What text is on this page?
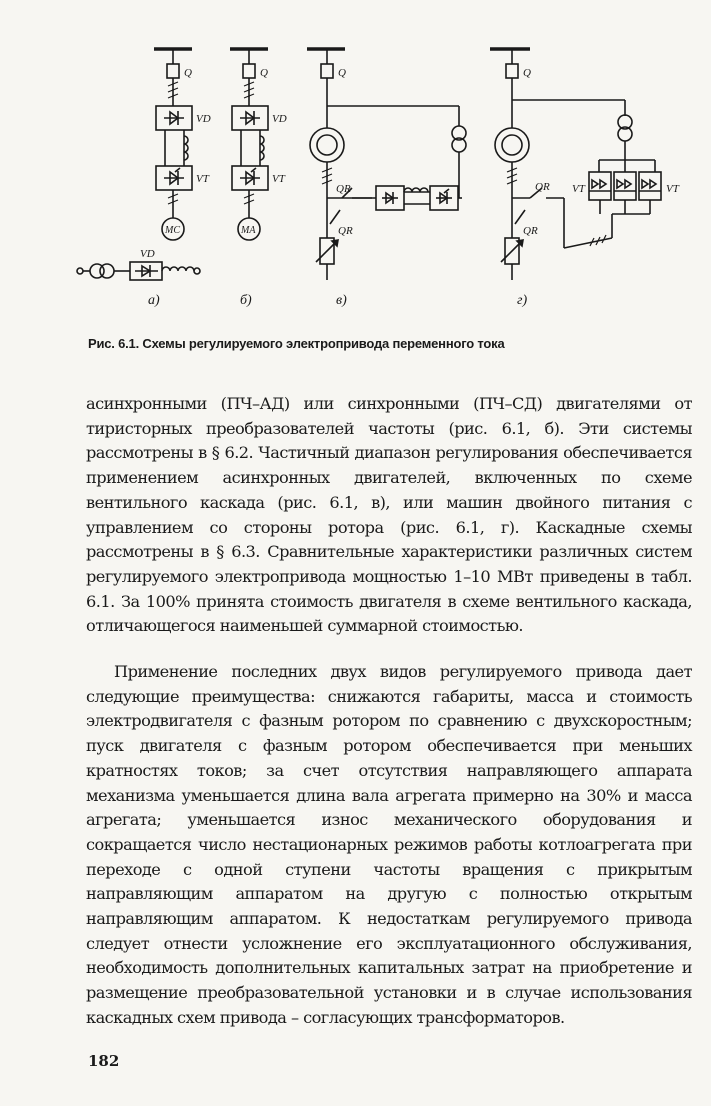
Q
VD
VT
MC
VD
Q
VD
VT
MA
Q
QR
QR
Q
QR
QR
VT	VT
а)	б)	в)	г)
Рис. 6.1. Схемы регулируемого электропривода переменного тока

асинхронными (ПЧ–АД) или синхронными (ПЧ–СД) двигателями от тиристорных преобразователей частоты (рис. 6.1, б). Эти системы рассмотрены в § 6.2. Частичный диапазон регулирования обеспечивается применением асинхронных двигателей, включенных по схеме вентильного каскада (рис. 6.1, в), или машин двойного питания с управлением со стороны ротора (рис. 6.1, г). Каскадные схемы рассмотрены в § 6.3. Сравнительные характеристики различных систем регулируемого электропривода мощностью 1–10 МВт приведены в табл. 6.1. За 100% принята стоимость двигателя в схеме вентильного каскада, отличающегося наименьшей суммарной стоимостью.

Применение последних двух видов регулируемого привода дает следующие преимущества: снижаются габариты, масса и стоимость электродвигателя с фазным ротором по сравнению с двухскоростным; пуск двигателя с фазным ротором обеспечивается при меньших кратностях токов; за счет отсутствия направляющего аппарата механизма уменьшается длина вала агрегата примерно на 30% и масса агрегата; уменьшается износ механического оборудования и сокращается число нестационарных режимов работы котлоагрегата при переходе с одной ступени частоты вращения с прикрытым направляющим аппаратом на другую с полностью открытым направляющим аппаратом. К недостаткам регулируемого привода следует отнести усложнение его эксплуатационного обслуживания, необходимость дополнительных капитальных затрат на приобретение и размещение преобразовательной установки и в случае использования каскадных схем привода – согласующих трансформаторов.

182
